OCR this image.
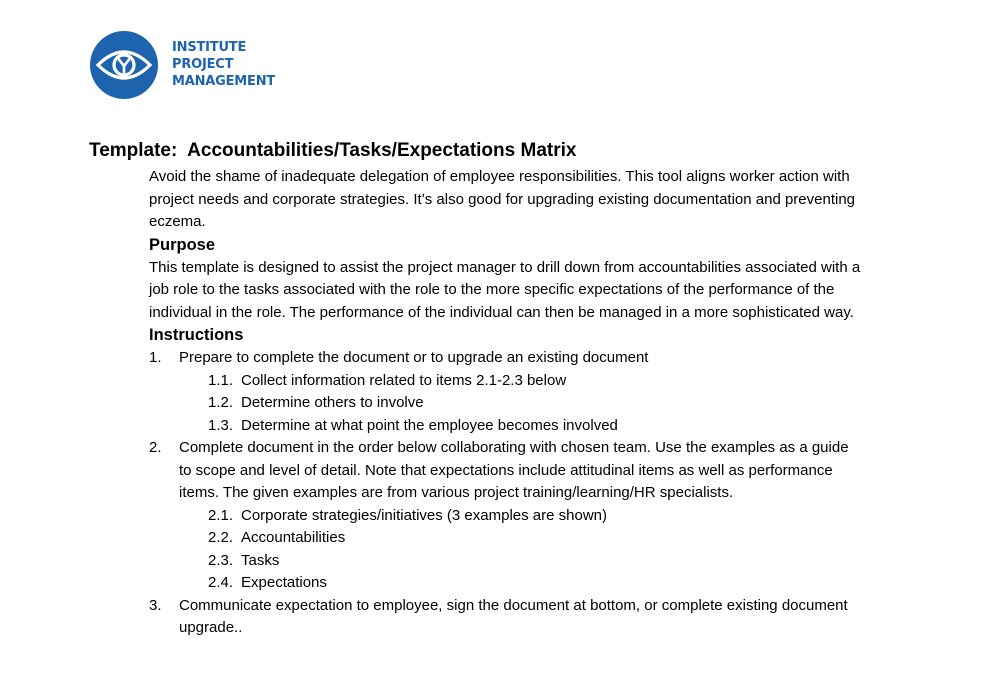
INSTITUTE
PROJECT
MANAGEMENT
Template:  Accountabilities/Tasks/Expectations Matrix

Avoid the shame of inadequate delegation of employee responsibilities. This tool aligns worker action with project needs and corporate strategies. It’s also good for upgrading existing documentation and preventing eczema.

Purpose

This template is designed to assist the project manager to drill down from accountabilities associated with a job role to the tasks associated with the role to the more specific expectations of the performance of the individual in the role. The performance of the individual can then be managed in a more sophisticated way.

Instructions
1.	Prepare to complete the document or to upgrade an existing document
1.1. Collect information related to items 2.1-2.3 below
1.2. Determine others to involve
1.3. Determine at what point the employee becomes involved
2.	Complete document in the order below collaborating with chosen team. Use the examples as a guide to scope and level of detail. Note that expectations include attitudinal items as well as performance items. The given examples are from various project training/learning/HR specialists.
2.1. Corporate strategies/initiatives (3 examples are shown)
2.2. Accountabilities
2.3. Tasks
2.4. Expectations
3.	Communicate expectation to employee, sign the document at bottom, or complete existing document upgrade..
